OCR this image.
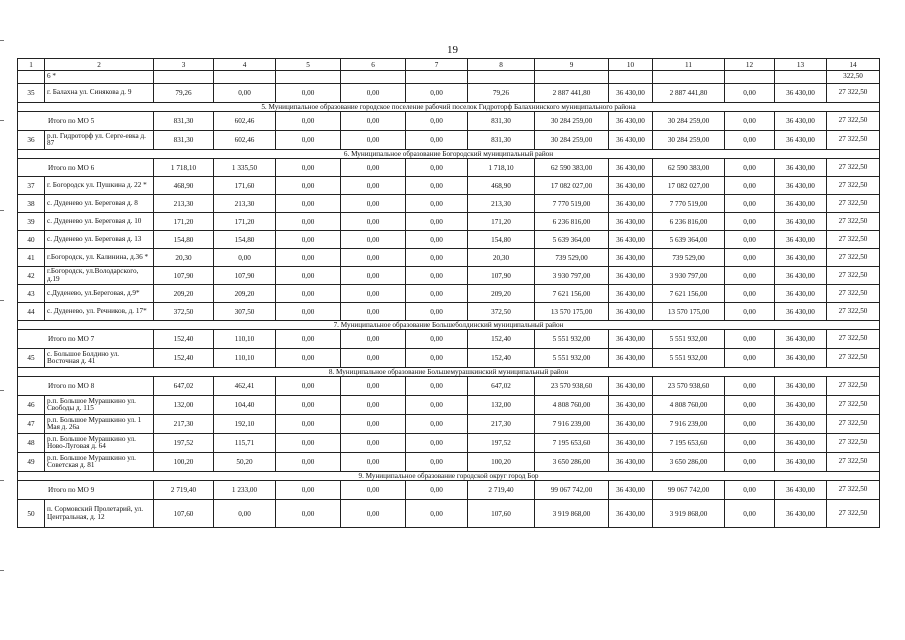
19
1	2	3	4	5	6	7	8	9	10	11	12	13	14
	6 *												322,50
35	г. Балахна ул. Синякова д. 9	79,26	0,00	0,00	0,00	0,00	79,26	2 887 441,80	36 430,00	2 887 441,80	0,00	36 430,00	27 322,50
5. Муниципальное образование городское поселение рабочий поселок Гидроторф Балахнинского муниципального района													
Итого по МО 5		831,30	602,46	0,00	0,00	0,00	831,30	30 284 259,00	36 430,00	30 284 259,00	0,00	36 430,00	27 322,50
36	р.п. Гидроторф ул. Серге-евка д. 87	831,30	602,46	0,00	0,00	0,00	831,30	30 284 259,00	36 430,00	30 284 259,00	0,00	36 430,00	27 322,50
6. Муниципальное образование Богородский муниципальный район													
Итого по МО 6		1 718,10	1 335,50	0,00	0,00	0,00	1 718,10	62 590 383,00	36 430,00	62 590 383,00	0,00	36 430,00	27 322,50
37	г. Богородск ул. Пушкина д. 22 *	468,90	171,60	0,00	0,00	0,00	468,90	17 082 027,00	36 430,00	17 082 027,00	0,00	36 430,00	27 322,50
38	с. Дуденево ул. Береговая д. 8	213,30	213,30	0,00	0,00	0,00	213,30	7 770 519,00	36 430,00	7 770 519,00	0,00	36 430,00	27 322,50
39	с. Дуденево ул. Береговая д. 10	171,20	171,20	0,00	0,00	0,00	171,20	6 236 816,00	36 430,00	6 236 816,00	0,00	36 430,00	27 322,50
40	с. Дуденево ул. Береговая д. 13	154,80	154,80	0,00	0,00	0,00	154,80	5 639 364,00	36 430,00	5 639 364,00	0,00	36 430,00	27 322,50
41	г.Богородск, ул. Калинина, д.36 *	20,30	0,00	0,00	0,00	0,00	20,30	739 529,00	36 430,00	739 529,00	0,00	36 430,00	27 322,50
42	г.Богородск, ул.Володарского, д.19	107,90	107,90	0,00	0,00	0,00	107,90	3 930 797,00	36 430,00	3 930 797,00	0,00	36 430,00	27 322,50
43	с.Дуденево, ул.Береговая, д.9*	209,20	209,20	0,00	0,00	0,00	209,20	7 621 156,00	36 430,00	7 621 156,00	0,00	36 430,00	27 322,50
44	с. Дуденево, ул. Речников, д. 17*	372,50	307,50	0,00	0,00	0,00	372,50	13 570 175,00	36 430,00	13 570 175,00	0,00	36 430,00	27 322,50
7. Муниципальное образование Большеболдинский муниципальный район													
Итого по МО 7		152,40	110,10	0,00	0,00	0,00	152,40	5 551 932,00	36 430,00	5 551 932,00	0,00	36 430,00	27 322,50
45	с. Большое Болдино ул. Восточная д. 41	152,40	110,10	0,00	0,00	0,00	152,40	5 551 932,00	36 430,00	5 551 932,00	0,00	36 430,00	27 322,50
8. Муниципальное образование Большемурашкинский муниципальный район													
Итого по МО 8		647,02	462,41	0,00	0,00	0,00	647,02	23 570 938,60	36 430,00	23 570 938,60	0,00	36 430,00	27 322,50
46	р.п. Большое Мурашкино ул. Свободы д. 115	132,00	104,40	0,00	0,00	0,00	132,00	4 808 760,00	36 430,00	4 808 760,00	0,00	36 430,00	27 322,50
47	р.п. Большое Мурашкино ул. 1 Мая д. 26а	217,30	192,10	0,00	0,00	0,00	217,30	7 916 239,00	36 430,00	7 916 239,00	0,00	36 430,00	27 322,50
48	р.п. Большое Мурашкино ул. Ново-Луговая д. 64	197,52	115,71	0,00	0,00	0,00	197,52	7 195 653,60	36 430,00	7 195 653,60	0,00	36 430,00	27 322,50
49	р.п. Большое Мурашкино ул. Советская д. 81	100,20	50,20	0,00	0,00	0,00	100,20	3 650 286,00	36 430,00	3 650 286,00	0,00	36 430,00	27 322,50
9. Муниципальное образование городской округ город Бор													
Итого по МО 9		2 719,40	1 233,00	0,00	0,00	0,00	2 719,40	99 067 742,00	36 430,00	99 067 742,00	0,00	36 430,00	27 322,50
50	п. Сормовский Пролетарий, ул. Центральная, д. 12	107,60	0,00	0,00	0,00	0,00	107,60	3 919 868,00	36 430,00	3 919 868,00	0,00	36 430,00	27 322,50
